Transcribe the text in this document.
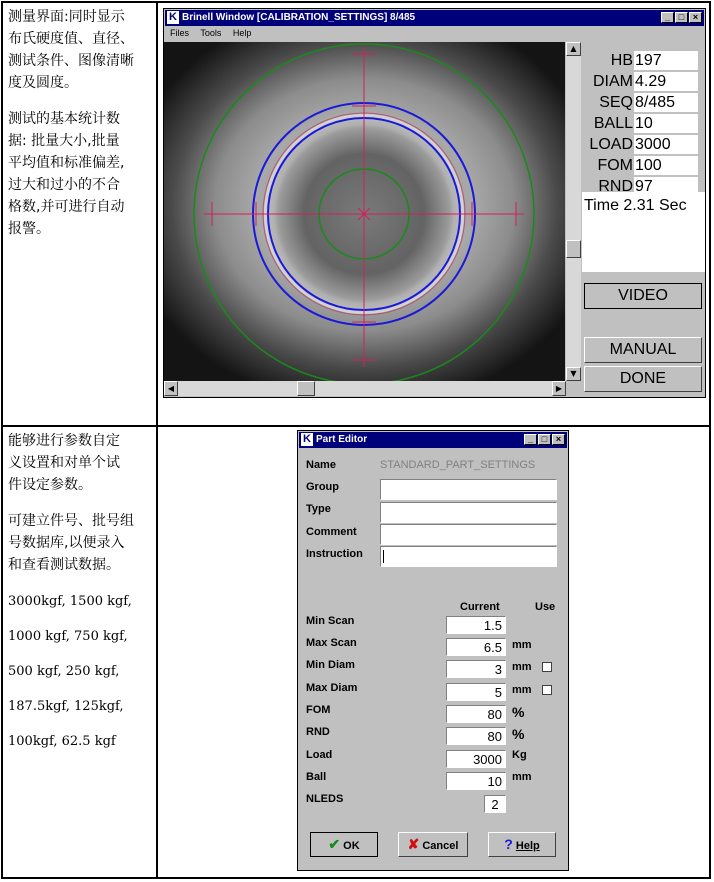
测量界面:同时显示
布氏硬度值、直径、
测试条件、图像清晰
度及圆度。
测试的基本统计数
据: 批量大小,批量
平均值和标准偏差,
过大和过小的不合
格数,并可进行自动
报警。
能够进行参数自定
义设置和对单个试
件设定参数。
可建立件号、批号组
号数据库,以便录入
和查看测试数据。
3000kgf, 1500 kgf,
1000 kgf, 750 kgf,
500 kgf, 250 kgf,
187.5kgf, 125kgf,
100kgf, 62.5 kgf
K Brinell Window [CALIBRATION_SETTINGS] 8/485	_ □ ×
Files Tools Help
▲
▼
◀	▶
HB 197
DIAM 4.29
SEQ 8/485
BALL 10
LOAD 3000
FOM 100
RND 97
Time 2.31 Sec
VIDEO
MANUAL
DONE
K Part Editor	_ □ ×
Name	STANDARD_PART_SETTINGS
Group
Type
Comment
Instruction
Current	Use
Min Scan	1.5
Max Scan	6.5 mm
Min Diam	3 mm
Max Diam	5 mm
FOM	80 %
RND	80 %
Load	3000 Kg
Ball	10 mm
NLEDS	2
✔ OK	✘ Cancel	? Help
